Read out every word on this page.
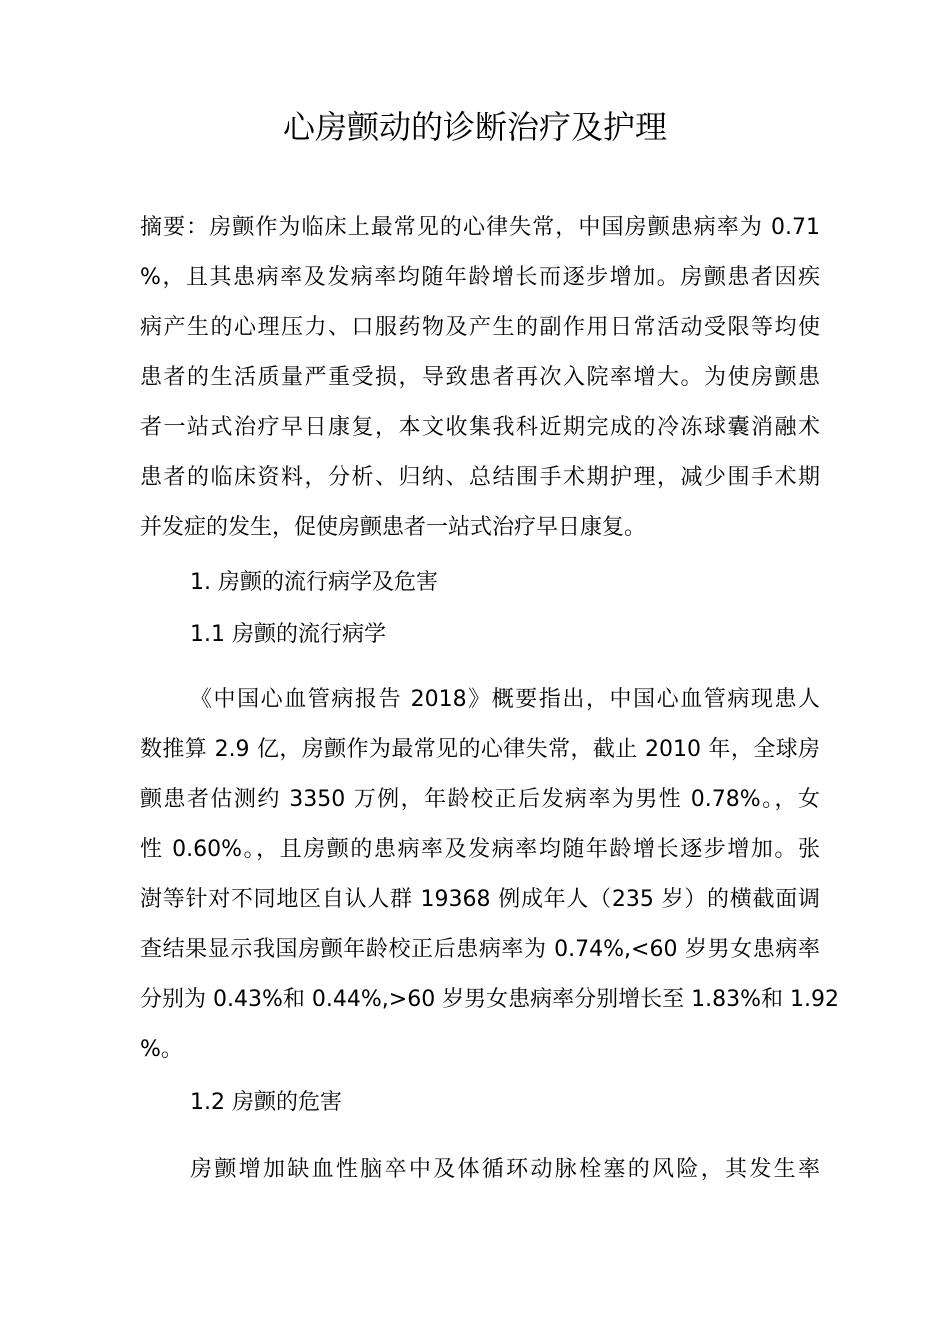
心房颤动的诊断治疗及护理
摘要：房颤作为临床上最常见的心律失常，中国房颤患病率为 0.71
%，且其患病率及发病率均随年龄增长而逐步增加。房颤患者因疾
病产生的心理压力、口服药物及产生的副作用日常活动受限等均使
患者的生活质量严重受损，导致患者再次入院率增大。为使房颤患
者一站式治疗早日康复，本文收集我科近期完成的冷冻球囊消融术
患者的临床资料，分析、归纳、总结围手术期护理，减少围手术期
并发症的发生，促使房颤患者一站式治疗早日康复。
1. 房颤的流行病学及危害
1.1 房颤的流行病学
《中国心血管病报告 2018》概要指出，中国心血管病现患人
数推算 2.9 亿，房颤作为最常见的心律失常，截止 2010 年，全球房
颤患者估测约 3350 万例，年龄校正后发病率为男性 0.78%。，女
性 0.60%。，且房颤的患病率及发病率均随年龄增长逐步增加。张
澍等针对不同地区自认人群 19368 例成年人（235 岁）的横截面调
查结果显示我国房颤年龄校正后患病率为 0.74%,<60 岁男女患病率
分别为 0.43%和 0.44%,>60 岁男女患病率分别增长至 1.83%和 1.92
%。
1.2 房颤的危害
房颤增加缺血性脑卒中及体循环动脉栓塞的风险，其发生率
